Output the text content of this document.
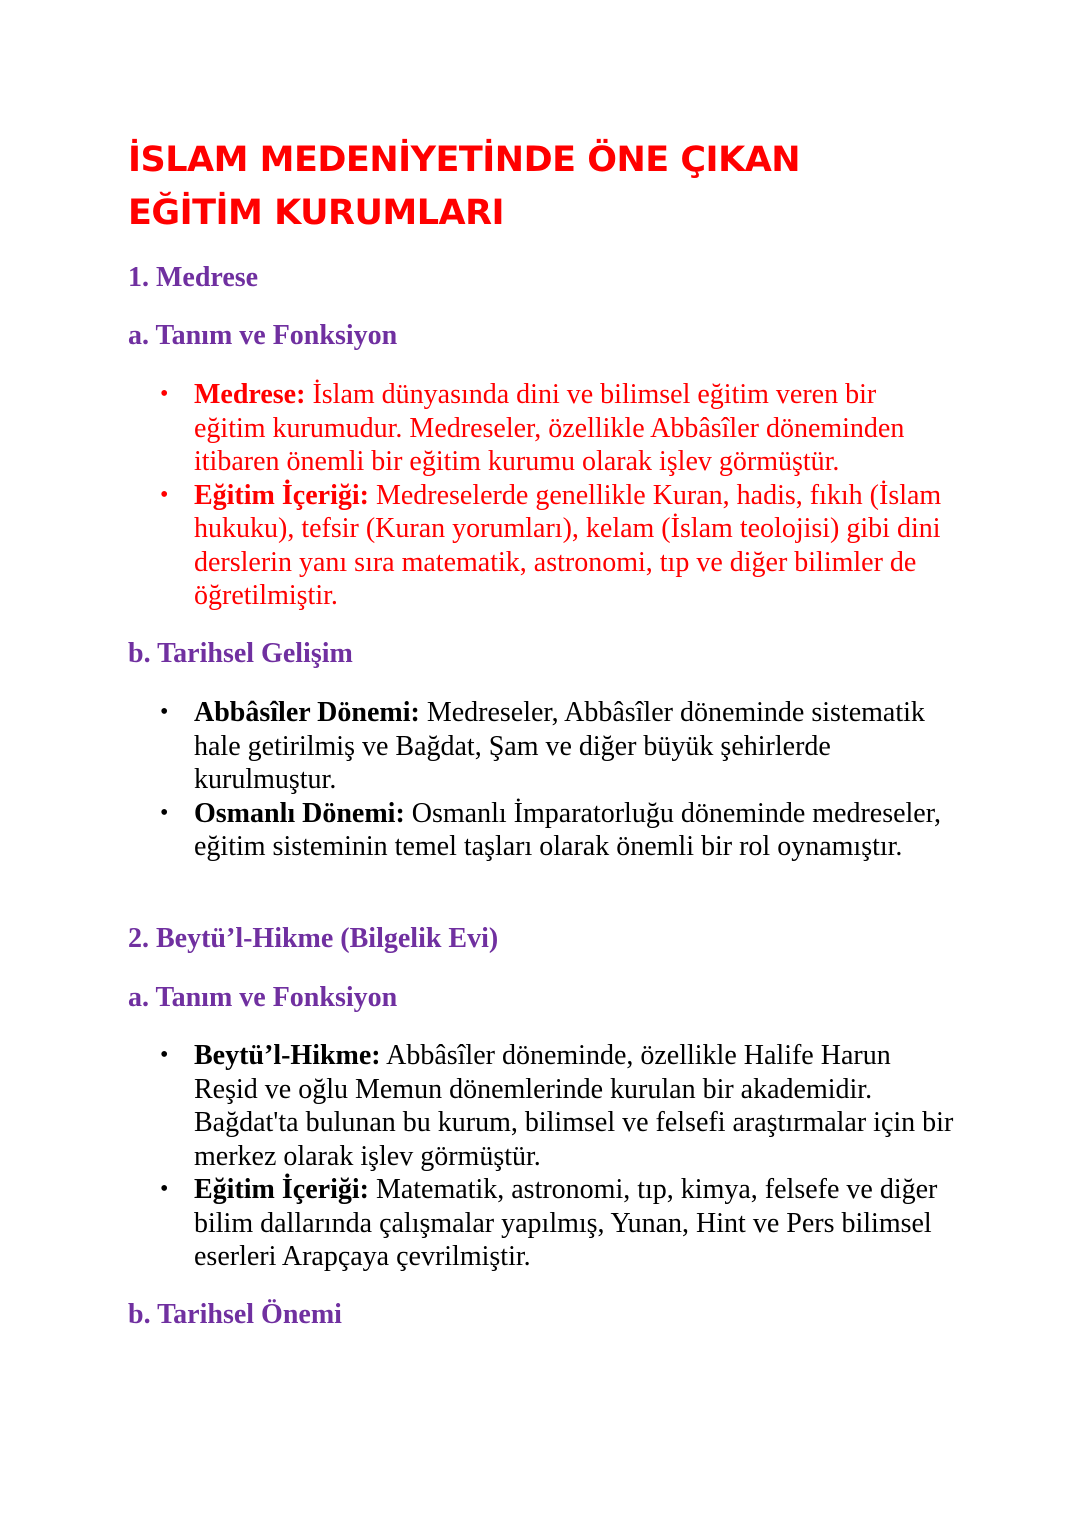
İSLAM MEDENİYETİNDE ÖNE ÇIKAN
EĞİTİM KURUMLARI
1. Medrese
a. Tanım ve Fonksiyon
• Medrese: İslam dünyasında dini ve bilimsel eğitim veren bir eğitim kurumudur. Medreseler, özellikle Abbâsîler döneminden itibaren önemli bir eğitim kurumu olarak işlev görmüştür.
• Eğitim İçeriği: Medreselerde genellikle Kuran, hadis, fıkıh (İslam hukuku), tefsir (Kuran yorumları), kelam (İslam teolojisi) gibi dini derslerin yanı sıra matematik, astronomi, tıp ve diğer bilimler de öğretilmiştir.
b. Tarihsel Gelişim
• Abbâsîler Dönemi: Medreseler, Abbâsîler döneminde sistematik hale getirilmiş ve Bağdat, Şam ve diğer büyük şehirlerde kurulmuştur.
• Osmanlı Dönemi: Osmanlı İmparatorluğu döneminde medreseler, eğitim sisteminin temel taşları olarak önemli bir rol oynamıştır.
2. Beytü’l-Hikme (Bilgelik Evi)
a. Tanım ve Fonksiyon
• Beytü’l-Hikme: Abbâsîler döneminde, özellikle Halife Harun Reşid ve oğlu Memun dönemlerinde kurulan bir akademidir. Bağdat'ta bulunan bu kurum, bilimsel ve felsefi araştırmalar için bir merkez olarak işlev görmüştür.
• Eğitim İçeriği: Matematik, astronomi, tıp, kimya, felsefe ve diğer bilim dallarında çalışmalar yapılmış, Yunan, Hint ve Pers bilimsel eserleri Arapçaya çevrilmiştir.
b. Tarihsel Önemi
